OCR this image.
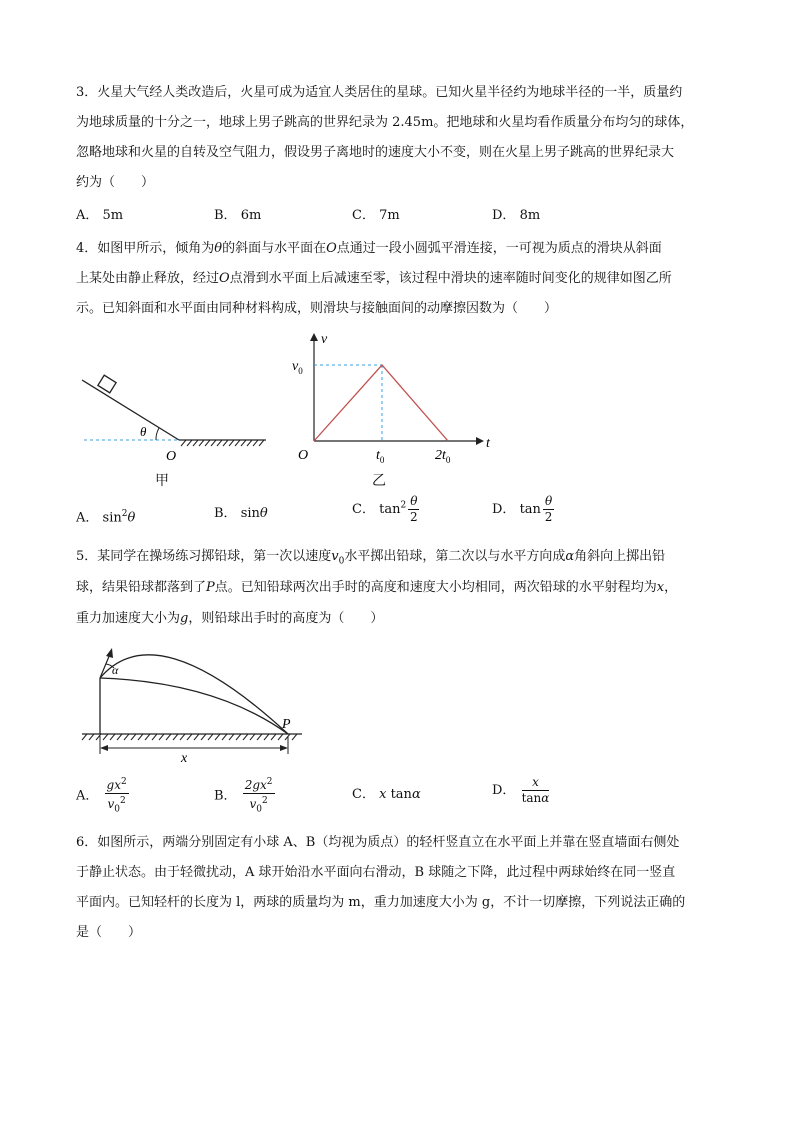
3．火星大气经人类改造后，火星可成为适宜人类居住的星球。已知火星半径约为地球半径的一半，质量约
为地球质量的十分之一，地球上男子跳高的世界纪录为 2.45m。把地球和火星均看作质量分布均匀的球体，
忽略地球和火星的自转及空气阻力，假设男子离地时的速度大小不变，则在火星上男子跳高的世界纪录大
约为（　　）
A． 5m	B． 6m	C． 7m	D． 8m
4．如图甲所示，倾角为θ的斜面与水平面在O点通过一段小圆弧平滑连接，一可视为质点的滑块从斜面
上某处由静止释放，经过O点滑到水平面上后减速至零，该过程中滑块的速率随时间变化的规律如图乙所
示。已知斜面和水平面由同种材料构成，则滑块与接触面间的动摩擦因数为（　　）
θ
O
甲
v
t
$v_0$
O	$t_0$	$2t_0$
乙
A． $\sin^2\theta$	B． sinθ	C． $\tan^2 \frac{\theta}{2}$	D． $\tan \frac{\theta}{2}$
5．某同学在操场练习掷铅球，第一次以速度$v_0$水平掷出铅球，第二次以与水平方向成α角斜向上掷出铅
球，结果铅球都落到了P点。已知铅球两次出手时的高度和速度大小均相同，两次铅球的水平射程均为x，
重力加速度大小为g，则铅球出手时的高度为（　　）
α
P
x
A． $\frac{gx^2}{v_0^2}$	B． $\frac{2gx^2}{v_0^2}$	C． x tanα	D． $\frac{x}{\tan\alpha}$
6．如图所示，两端分别固定有小球 A、B（均视为质点）的轻杆竖直立在水平面上并靠在竖直墙面右侧处
于静止状态。由于轻微扰动，A 球开始沿水平面向右滑动，B 球随之下降，此过程中两球始终在同一竖直
平面内。已知轻杆的长度为 l，两球的质量均为 m，重力加速度大小为 g，不计一切摩擦，下列说法正确的
是（　　）
